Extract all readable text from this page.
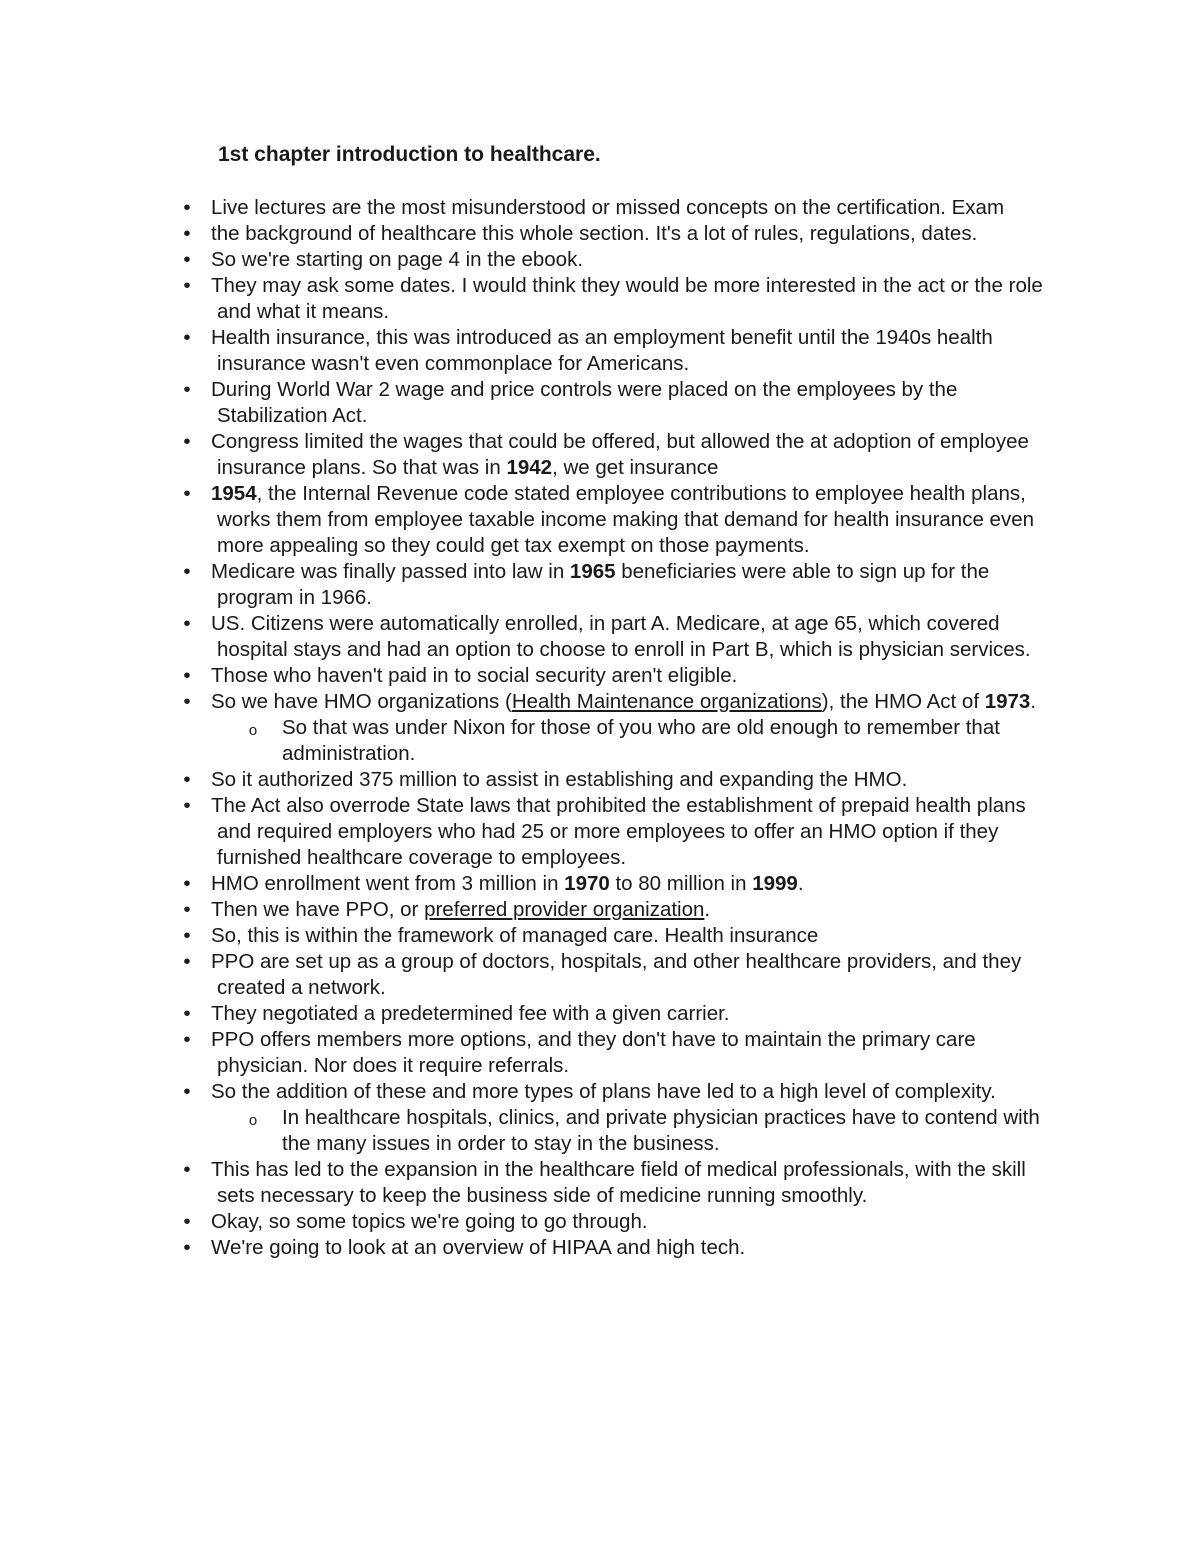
1st chapter introduction to healthcare.
• Live lectures are the most misunderstood or missed concepts on the certification. Exam
• the background of healthcare this whole section. It's a lot of rules, regulations, dates.
• So we're starting on page 4 in the ebook.
• They may ask some dates. I would think they would be more interested in the act or the role and what it means.
• Health insurance, this was introduced as an employment benefit until the 1940s health insurance wasn't even commonplace for Americans.
• During World War 2 wage and price controls were placed on the employees by the Stabilization Act.
• Congress limited the wages that could be offered, but allowed the at adoption of employee insurance plans. So that was in 1942, we get insurance
• 1954, the Internal Revenue code stated employee contributions to employee health plans, works them from employee taxable income making that demand for health insurance even more appealing so they could get tax exempt on those payments.
• Medicare was finally passed into law in 1965 beneficiaries were able to sign up for the program in 1966.
• US. Citizens were automatically enrolled, in part A. Medicare, at age 65, which covered hospital stays and had an option to choose to enroll in Part B, which is physician services.
• Those who haven't paid in to social security aren't eligible.
• So we have HMO organizations (Health Maintenance organizations), the HMO Act of 1973.
o So that was under Nixon for those of you who are old enough to remember that administration.
• So it authorized 375 million to assist in establishing and expanding the HMO.
• The Act also overrode State laws that prohibited the establishment of prepaid health plans and required employers who had 25 or more employees to offer an HMO option if they furnished healthcare coverage to employees.
• HMO enrollment went from 3 million in 1970 to 80 million in 1999.
• Then we have PPO, or preferred provider organization.
• So, this is within the framework of managed care. Health insurance
• PPO are set up as a group of doctors, hospitals, and other healthcare providers, and they created a network.
• They negotiated a predetermined fee with a given carrier.
• PPO offers members more options, and they don't have to maintain the primary care physician. Nor does it require referrals.
• So the addition of these and more types of plans have led to a high level of complexity.
o In healthcare hospitals, clinics, and private physician practices have to contend with the many issues in order to stay in the business.
• This has led to the expansion in the healthcare field of medical professionals, with the skill sets necessary to keep the business side of medicine running smoothly.
• Okay, so some topics we're going to go through.
• We're going to look at an overview of HIPAA and high tech.
